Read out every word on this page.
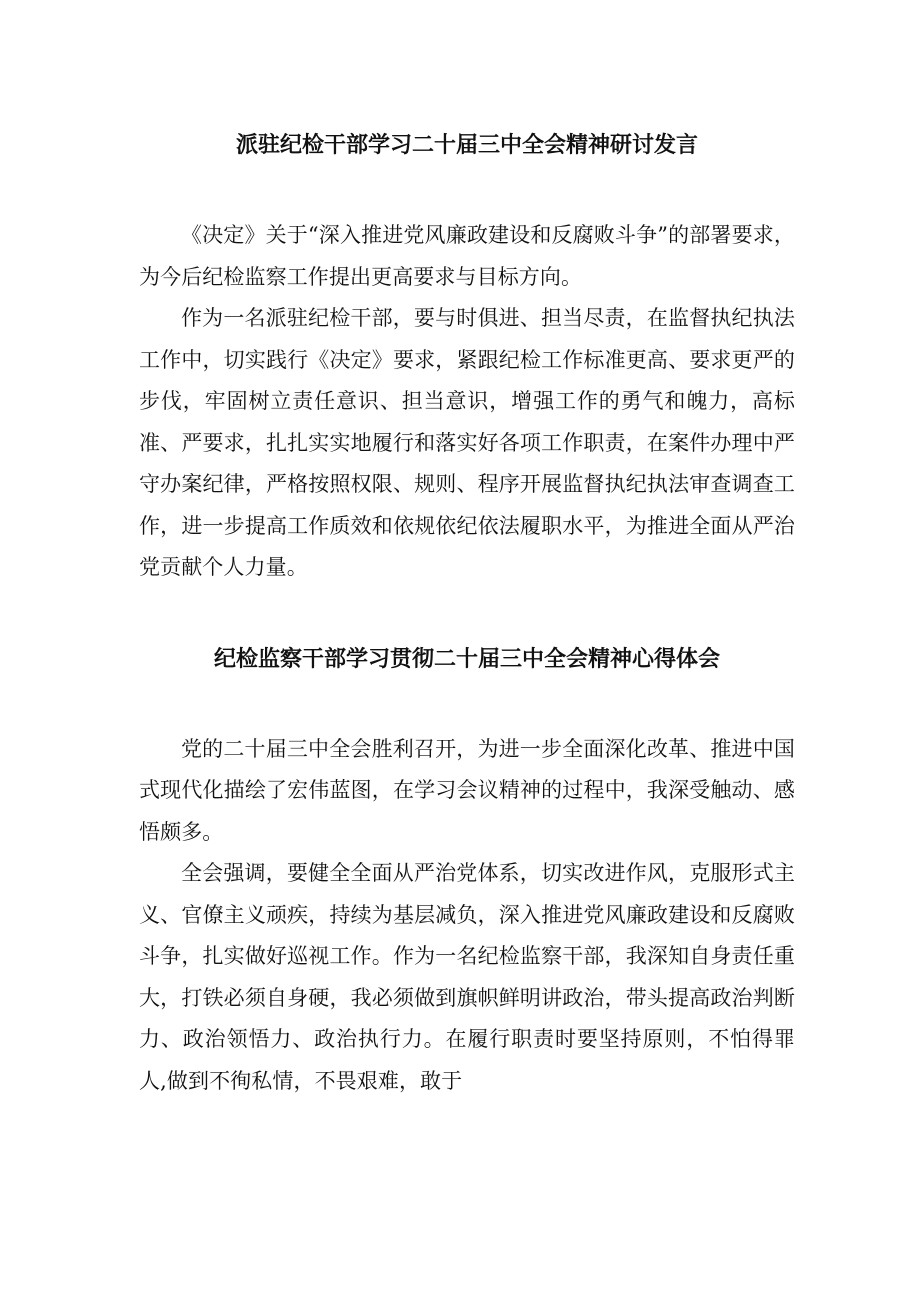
派驻纪检干部学习二十届三中全会精神研讨发言

《决定》关于“深入推进党风廉政建设和反腐败斗争”的部署要求，为今后纪检监察工作提出更高要求与目标方向。

作为一名派驻纪检干部，要与时俱进、担当尽责，在监督执纪执法工作中，切实践行《决定》要求，紧跟纪检工作标准更高、要求更严的步伐，牢固树立责任意识、担当意识，增强工作的勇气和魄力，高标准、严要求，扎扎实实地履行和落实好各项工作职责，在案件办理中严守办案纪律，严格按照权限、规则、程序开展监督执纪执法审查调查工作，进一步提高工作质效和依规依纪依法履职水平，为推进全面从严治党贡献个人力量。

纪检监察干部学习贯彻二十届三中全会精神心得体会

党的二十届三中全会胜利召开，为进一步全面深化改革、推进中国式现代化描绘了宏伟蓝图，在学习会议精神的过程中，我深受触动、感悟颇多。

全会强调，要健全全面从严治党体系，切实改进作风，克服形式主义、官僚主义顽疾，持续为基层减负，深入推进党风廉政建设和反腐败斗争，扎实做好巡视工作。作为一名纪检监察干部，我深知自身责任重大，打铁必须自身硬，我必须做到旗帜鲜明讲政治，带头提高政治判断力、政治领悟力、政治执行力。在履行职责时要坚持原则，不怕得罪人,做到不徇私情，不畏艰难，敢于
